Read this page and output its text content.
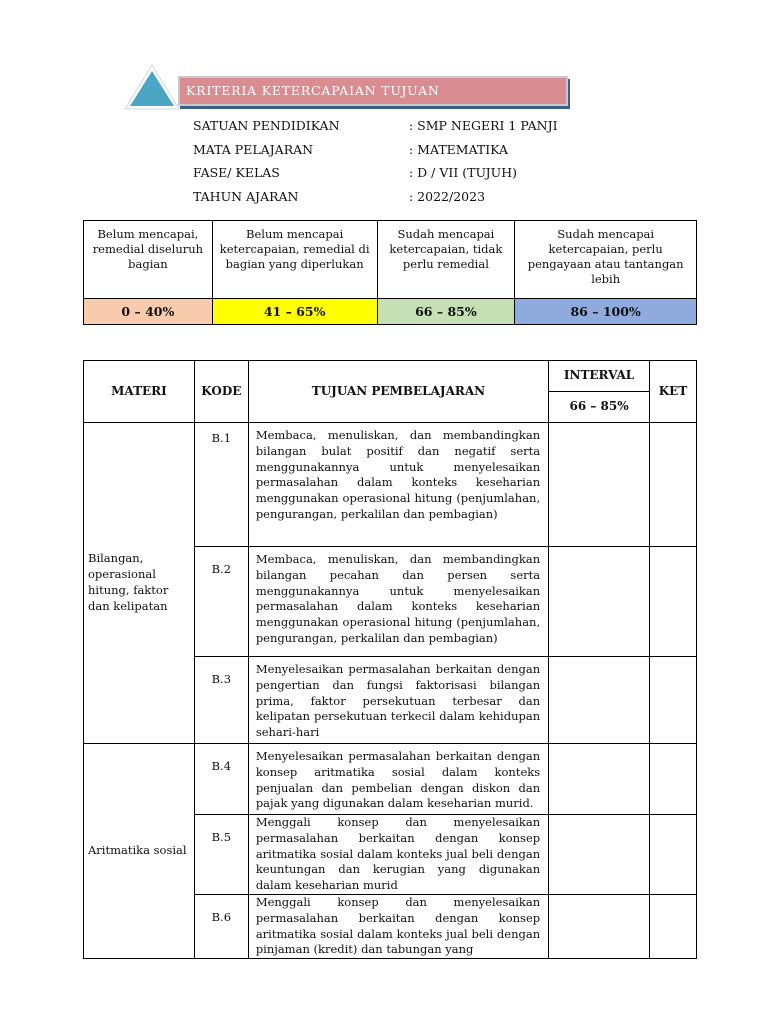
KRITERIA KETERCAPAIAN TUJUAN
SATUAN PENDIDIKAN	: SMP NEGERI 1 PANJI
MATA PELAJARAN	: MATEMATIKA
FASE/ KELAS	: D / VII (TUJUH)
TAHUN AJARAN	: 2022/2023
Belum mencapai, remedial diseluruh bagian	Belum mencapai ketercapaian, remedial di bagian yang diperlukan	Sudah mencapai ketercapaian, tidak perlu remedial	Sudah mencapai ketercapaian, perlu pengayaan atau tantangan lebih
0 – 40%	41 – 65%	66 – 85%	86 – 100%
MATERI	KODE	TUJUAN PEMBELAJARAN	INTERVAL	KET
			66 – 85%	
Bilangan, operasional hitung, faktor dan kelipatan	B.1	Membaca, menuliskan, dan membandingkan bilangan bulat positif dan negatif serta menggunakannya untuk menyelesaikan permasalahan dalam konteks keseharian menggunakan operasional hitung (penjumlahan, pengurangan, perkalilan dan pembagian)		
	B.2	Membaca, menuliskan, dan membandingkan bilangan pecahan dan persen serta menggunakannya untuk menyelesaikan permasalahan dalam konteks keseharian menggunakan operasional hitung (penjumlahan, pengurangan, perkalilan dan pembagian)		
	B.3	Menyelesaikan permasalahan berkaitan dengan pengertian dan fungsi faktorisasi bilangan prima, faktor persekutuan terbesar dan kelipatan persekutuan terkecil dalam kehidupan sehari-hari		
Aritmatika sosial	B.4	Menyelesaikan permasalahan berkaitan dengan konsep aritmatika sosial dalam konteks penjualan dan pembelian dengan diskon dan pajak yang digunakan dalam keseharian murid.		
	B.5	Menggali konsep dan menyelesaikan permasalahan berkaitan dengan konsep aritmatika sosial dalam konteks jual beli dengan keuntungan dan kerugian yang digunakan dalam keseharian murid		
	B.6	Menggali konsep dan menyelesaikan permasalahan berkaitan dengan konsep aritmatika sosial dalam konteks jual beli dengan pinjaman (kredit) dan tabungan yang		
